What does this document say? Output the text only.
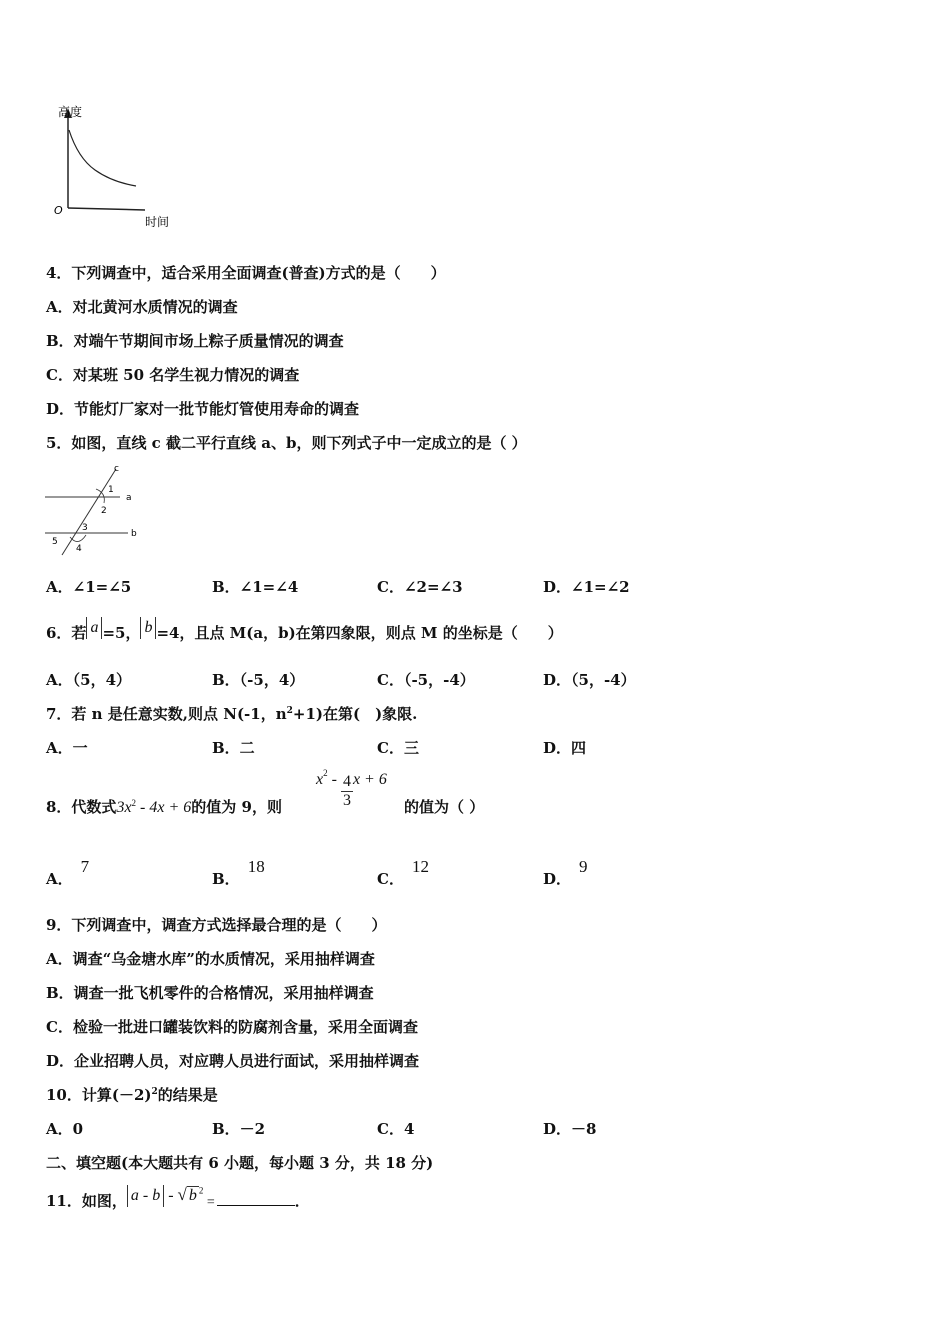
高度
O
时间
4．下列调查中，适合采用全面调查(普查)方式的是（　　）
A．对北黄河水质情况的调查
B．对端午节期间市场上粽子质量情况的调查
C．对某班 50 名学生视力情况的调查
D．节能灯厂家对一批节能灯管使用寿命的调查
5．如图，直线 c 截二平行直线 a、b，则下列式子中一定成立的是（ ）
c
a
b
1
2
3
4
5
A．∠1=∠5	B．∠1=∠4	C．∠2=∠3	D．∠1=∠2
6．若 a =5， b =4，且点 M(a，b)在第四象限，则点 M 的坐标是（　　）
A．（5，4）	B．（-5，4）	C．（-5，-4）	D．（5，-4）
7．若 n 是任意实数,则点 N(-1，$n^2+1$)在第(　)象限.
A．一	B．二	C．三	D．四
8．代数式$3x^2 - 4x + 6$的值为 9，则
$x^2 - \frac{4}{3}$ x + 6
的值为（ ）
A．7
B．18
C．12
D．9
9．下列调查中，调查方式选择最合理的是（　　）
A．调查“乌金塘水库”的水质情况，采用抽样调查
B．调查一批飞机零件的合格情况，采用抽样调查
C．检验一批进口罐装饮料的防腐剂含量，采用全面调查
D．企业招聘人员，对应聘人员进行面试，采用抽样调查
10．计算$(-2)^2$的结果是
A．0	B．－2	C．4	D．－8
二、填空题(本大题共有 6 小题，每小题 3 分，共 18 分)
11．如图， a - b - √ b $^2$ =	．
